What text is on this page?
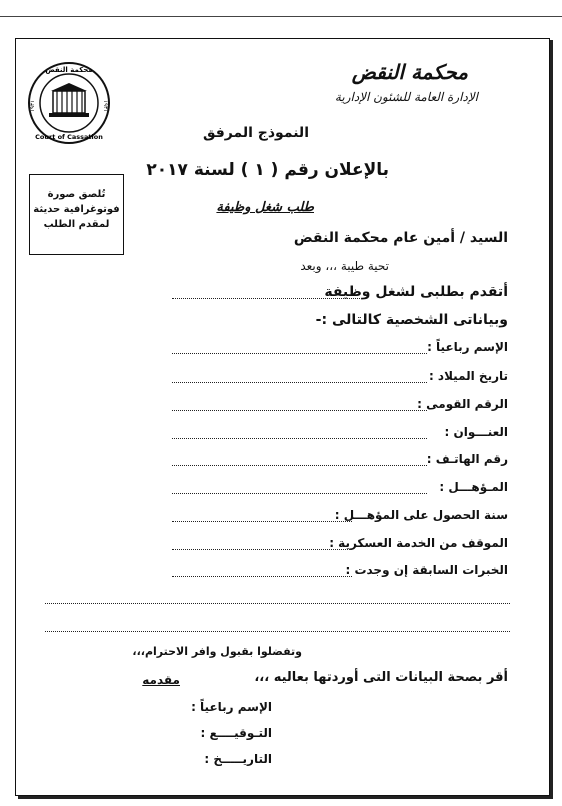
محكمة النقض
الإدارة العامة للشئون الإدارية
محكمة النقض
Court of Cassation
١٩٣١	١٩٣١
النموذج المرفق
بالإعلان رقم ( ١ ) لسنة ٢٠١٧
طلب شغل وظيفة
تُلصق صورة
فوتوغرافية حديثة
لمقدم الطلب
السيد / أمين عام محكمة النقض
تحية طيبة ،،، وبعد
أتقدم بطلبى لشغل وظيفة
وبياناتى الشخصية كالتالى :-
الإسم رباعياً :
تاريخ الميلاد :
الرقم القومى :
العنـــوان :
رقم الهاتـف :
المـؤهـــل :
سنة الحصول على المؤهـــل :
الموقف من الخدمة العسكرية :
الخبرات السابقة إن وجدت :
وتفضلوا بقبول وافر الاحترام،،،
أقر بصحة البيانات التى أوردتها بعاليه ،،،
مقدمه
الإسم رباعياً :
التـوقيــــع :
التاريـــــخ :
